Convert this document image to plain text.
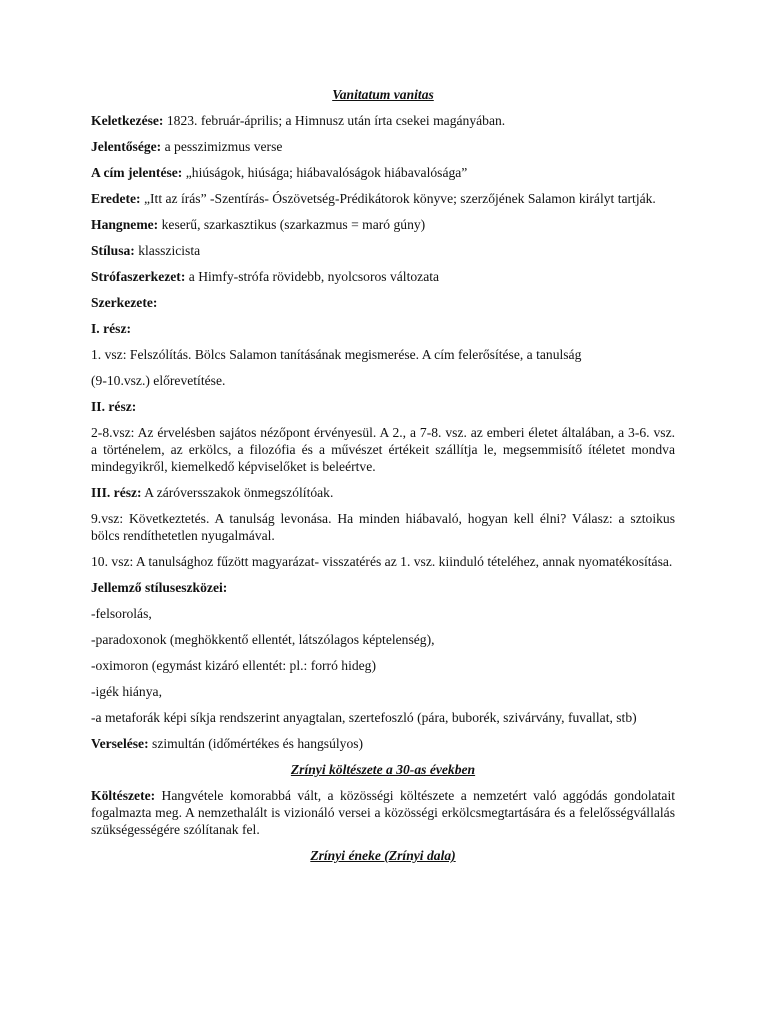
Vanitatum vanitas

Keletkezése: 1823. február-április; a Himnusz után írta csekei magányában.

Jelentősége: a pesszimizmus verse

A cím jelentése: „hiúságok, hiúsága; hiábavalóságok hiábavalósága”

Eredete: „Itt az írás” -Szentírás- Ószövetség-Prédikátorok könyve; szerzőjének Salamon királyt tartják.

Hangneme: keserű, szarkasztikus (szarkazmus = maró gúny)

Stílusa: klasszicista

Strófaszerkezet: a Himfy-strófa rövidebb, nyolcsoros változata

Szerkezete:

I. rész:

1. vsz: Felszólítás. Bölcs Salamon tanításának megismerése. A cím felerősítése, a tanulság

(9-10.vsz.) előrevetítése.

II. rész:

2-8.vsz: Az érvelésben sajátos nézőpont érvényesül. A 2., a 7-8. vsz. az emberi életet általában, a 3-6. vsz. a történelem, az erkölcs, a filozófia és a művészet értékeit szállítja le, megsemmisítő ítéletet mondva mindegyikről, kiemelkedő képviselőket is beleértve.

III. rész: A záróversszakok önmegszólítóak.

9.vsz: Következtetés. A tanulság levonása. Ha minden hiábavaló, hogyan kell élni? Válasz: a sztoikus bölcs rendíthetetlen nyugalmával.

10. vsz: A tanulsághoz fűzött magyarázat- visszatérés az 1. vsz. kiinduló tételéhez, annak nyomatékosítása.

Jellemző stíluseszközei:

-felsorolás,

-paradoxonok (meghökkentő ellentét, látszólagos képtelenség),

-oximoron (egymást kizáró ellentét: pl.: forró hideg)

-igék hiánya,

-a metaforák képi síkja rendszerint anyagtalan, szertefoszló (pára, buborék, szivárvány, fuvallat, stb)

Verselése: szimultán (időmértékes és hangsúlyos)

Zrínyi költészete a 30-as években

Költészete: Hangvétele komorabbá vált, a közösségi költészete a nemzetért való aggódás gondolatait fogalmazta meg. A nemzethalált is vizionáló versei a közösségi erkölcsmegtartására és a felelősségvállalás szükségességére szólítanak fel.

Zrínyi éneke (Zrínyi dala)
